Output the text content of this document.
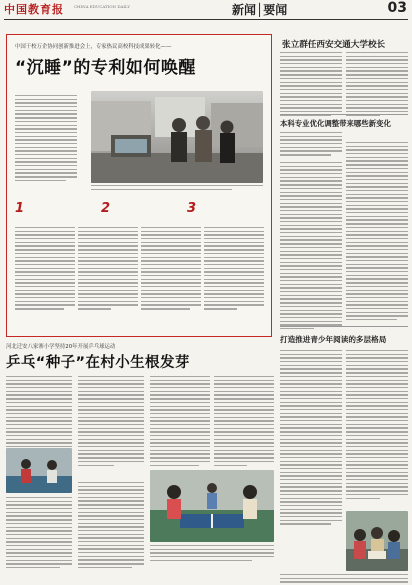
中国教育报	CHINA EDUCATION DAILY	新闻│要闻	03
中国干校万企协同创新推进会上，专家热议高校科技成果转化——
“沉睡”的专利如何唤醒
1	2	3
张立群任西安交通大学校长
本科专业优化调整带来哪些新变化
打造推进青少年阅读的多层格局
河北迁安八家寨小学坚持20年开展乒乓球运动
乒乓“种子”在村小生根发芽
